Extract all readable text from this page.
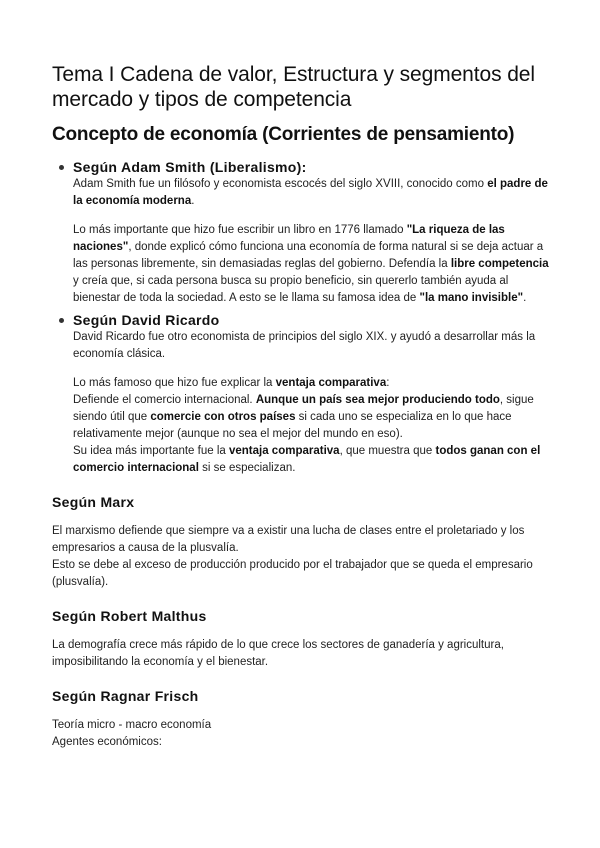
Tema I Cadena de valor, Estructura y segmentos del mercado y tipos de competencia
Concepto de economía (Corrientes de pensamiento)
Según Adam Smith (Liberalismo):

Adam Smith fue un filósofo y economista escocés del siglo XVIII, conocido como el padre de la economía moderna.

Lo más importante que hizo fue escribir un libro en 1776 llamado "La riqueza de las naciones", donde explicó cómo funciona una economía de forma natural si se deja actuar a las personas libremente, sin demasiadas reglas del gobierno. Defendía la libre competencia y creía que, si cada persona busca su propio beneficio, sin quererlo también ayuda al bienestar de toda la sociedad. A esto se le llama su famosa idea de "la mano invisible".

Según David Ricardo

David Ricardo fue otro economista de principios del siglo XIX. y ayudó a desarrollar más la economía clásica.

Lo más famoso que hizo fue explicar la ventaja comparativa:

Defiende el comercio internacional. Aunque un país sea mejor produciendo todo, sigue siendo útil que comercie con otros países si cada uno se especializa en lo que hace relativamente mejor (aunque no sea el mejor del mundo en eso).

Su idea más importante fue la ventaja comparativa, que muestra que todos ganan con el comercio internacional si se especializan.

Según Marx

El marxismo defiende que siempre va a existir una lucha de clases entre el proletariado y los empresarios a causa de la plusvalía.

Esto se debe al exceso de producción producido por el trabajador que se queda el empresario (plusvalía).

Según Robert Malthus

La demografía crece más rápido de lo que crece los sectores de ganadería y agricultura, imposibilitando la economía y el bienestar.

Según Ragnar Frisch

Teoría micro - macro economía

Agentes económicos:
